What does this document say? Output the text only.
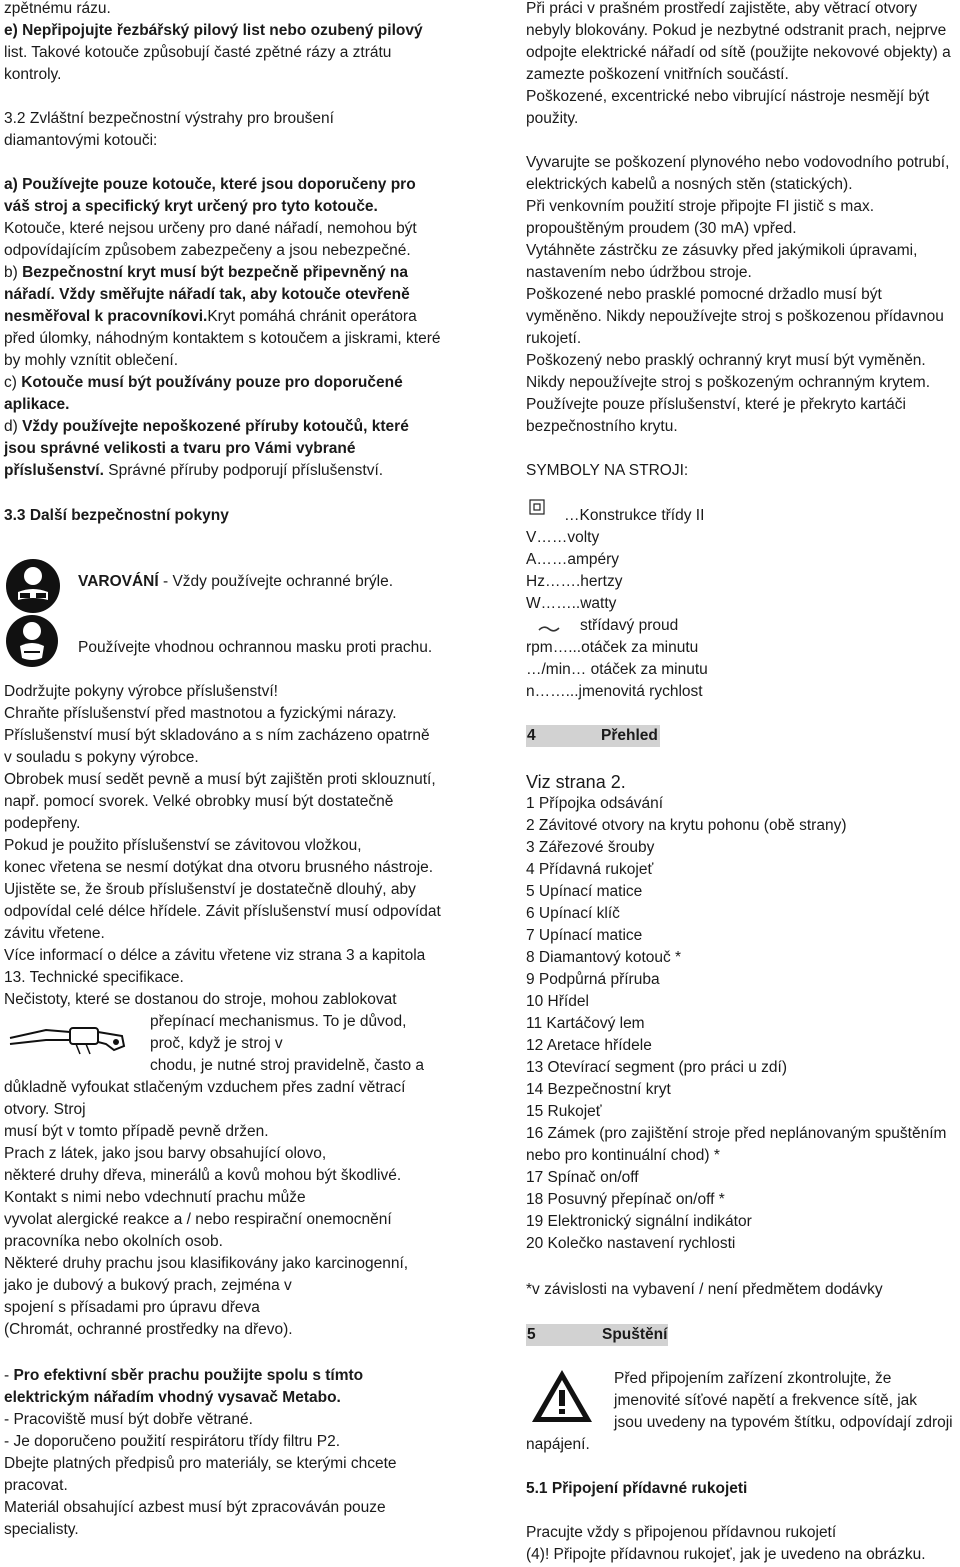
zpětnému rázu.
e) Nepřipojujte řezbářský pilový list nebo ozubený pilový
list. Takové kotouče způsobují časté zpětné rázy a ztrátu
kontroly.
3.2 Zvláštní bezpečnostní výstrahy pro broušení
diamantovými kotouči:
a) Používejte pouze kotouče, které jsou doporučeny pro
váš stroj a specifický kryt určený pro tyto kotouče.
Kotouče, které nejsou určeny pro dané nářadí, nemohou být
odpovídajícím způsobem zabezpečeny a jsou nebezpečné.
b) Bezpečnostní kryt musí být bezpečně připevněný na
nářadí. Vždy směřujte nářadí tak, aby kotouče otevřeně
nesměřoval k pracovníkovi.Kryt pomáhá chránit operátora
před úlomky, náhodným kontaktem s kotoučem a jiskrami, které
by mohly vznítit oblečení.
c) Kotouče musí být používány pouze pro doporučené
aplikace.
d) Vždy používejte nepoškozené příruby kotoučů, které
jsou správné velikosti a tvaru pro Vámi vybrané
příslušenství. Správné příruby podporují příslušenství.
3.3 Další bezpečnostní pokyny
VAROVÁNÍ - Vždy používejte ochranné brýle.
Používejte vhodnou ochrannou masku proti prachu.
Dodržujte pokyny výrobce příslušenství!
Chraňte příslušenství před mastnotou a fyzickými nárazy.
Příslušenství musí být skladováno a s ním zacházeno opatrně
v souladu s pokyny výrobce.
Obrobek musí sedět pevně a musí být zajištěn proti sklouznutí,
např. pomocí svorek. Velké obrobky musí být dostatečně
podepřeny.
Pokud je použito příslušenství se závitovou vložkou,
konec vřetena se nesmí dotýkat dna otvoru brusného nástroje.
Ujistěte se, že šroub příslušenství je dostatečně dlouhý, aby
odpovídal celé délce hřídele. Závit příslušenství musí odpovídat
závitu vřetene.
Více informací o délce a závitu vřetene viz strana 3 a kapitola
13. Technické specifikace.
Nečistoty, které se dostanou do stroje, mohou zablokovat
přepínací mechanismus. To je důvod,
proč, když je stroj v
chodu, je nutné stroj pravidelně, často a
důkladně vyfoukat stlačeným vzduchem přes zadní větrací
otvory. Stroj
musí být v tomto případě pevně držen.
Prach z látek, jako jsou barvy obsahující olovo,
některé druhy dřeva, minerálů a kovů mohou být škodlivé.
Kontakt s nimi nebo vdechnutí prachu může
vyvolat alergické reakce a / nebo respirační onemocnění
pracovníka nebo okolních osob.
Některé druhy prachu jsou klasifikovány jako karcinogenní,
jako je dubový a bukový prach, zejména v
spojení s přísadami pro úpravu dřeva
(Chromát, ochranné prostředky na dřevo).
- Pro efektivní sběr prachu použijte spolu s tímto
elektrickým nářadím vhodný vysavač Metabo.
- Pracoviště musí být dobře větrané.
- Je doporučeno použití respirátoru třídy filtru P2.
Dbejte platných předpisů pro materiály, se kterými chcete
pracovat.
Materiál obsahující azbest musí být zpracováván pouze
specialisty.
Při práci v prašném prostředí zajistěte, aby větrací otvory
nebyly blokovány. Pokud je nezbytné odstranit prach, nejprve
odpojte elektrické nářadí od sítě (použijte nekovové objekty) a
zamezte poškození vnitřních součástí.
Poškozené, excentrické nebo vibrující nástroje nesmějí být
použity.
Vyvarujte se poškození plynového nebo vodovodního potrubí,
elektrických kabelů a nosných stěn (statických).
Při venkovním použití stroje připojte FI jistič s max.
propouštěným proudem (30 mA) vpřed.
Vytáhněte zástrčku ze zásuvky před jakýmikoli úpravami,
nastavením nebo údržbou stroje.
Poškozené nebo prasklé pomocné držadlo musí být
vyměněno. Nikdy nepoužívejte stroj s poškozenou přídavnou
rukojetí.
Poškozený nebo prasklý ochranný kryt musí být vyměněn.
Nikdy nepoužívejte stroj s poškozeným ochranným krytem.
Používejte pouze příslušenství, které je překryto kartáči
bezpečnostního krytu.
SYMBOLY NA STROJI:
…Konstrukce třídy II
V……volty
A……ampéry
Hz…….hertzy
W……..watty
střídavý proud
rpm…...otáček za minutu
…/min… otáček za minutu
n……...jmenovitá rychlost
4	Přehled
Viz strana 2.
1 Přípojka odsávání
2 Závitové otvory na krytu pohonu (obě strany)
3 Zářezové šrouby
4 Přídavná rukojeť
5 Upínací matice
6 Upínací klíč
7 Upínací matice
8 Diamantový kotouč *
9 Podpůrná příruba
10 Hřídel
11 Kartáčový lem
12 Aretace hřídele
13 Otevírací segment (pro práci u zdí)
14 Bezpečnostní kryt
15 Rukojeť
16 Zámek (pro zajištění stroje před neplánovaným spuštěním
nebo pro kontinuální chod) *
17 Spínač on/off
18 Posuvný přepínač on/off *
19 Elektronický signální indikátor
20 Kolečko nastavení rychlosti
*v závislosti na vybavení / není předmětem dodávky
5	Spuštění
Před připojením zařízení zkontrolujte, že
jmenovité síťové napětí a frekvence sítě, jak
jsou uvedeny na typovém štítku, odpovídají zdroji
napájení.
5.1 Připojení přídavné rukojeti
Pracujte vždy s připojenou přídavnou rukojetí
(4)! Připojte přídavnou rukojeť, jak je uvedeno na obrázku.
